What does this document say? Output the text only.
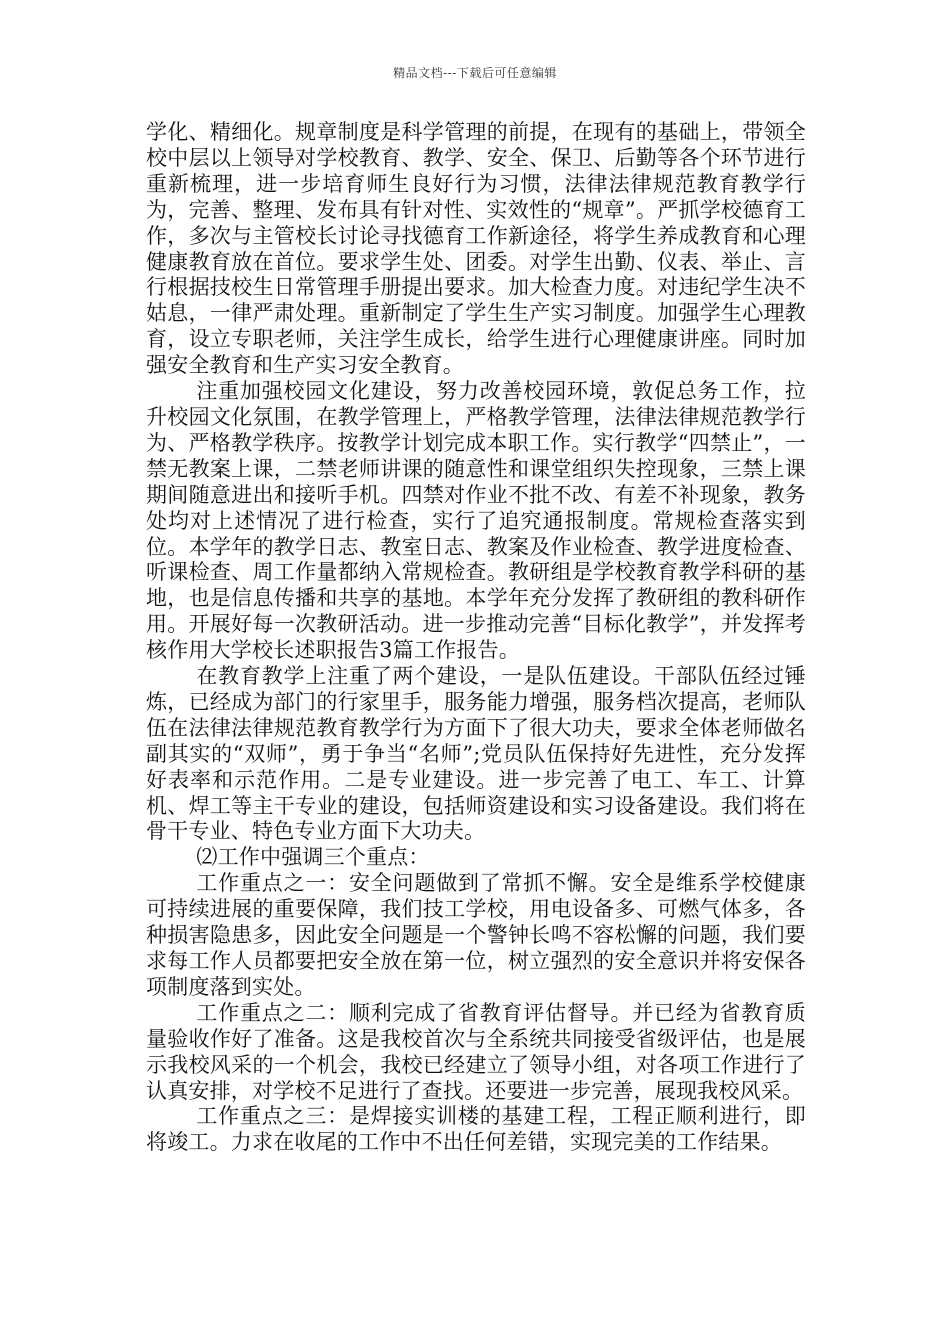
精品文档---下载后可任意编辑

学化、精细化。规章制度是科学管理的前提，在现有的基础上，带领全校中层以上领导对学校教育、教学、安全、保卫、后勤等各个环节进行重新梳理，进一步培育师生良好行为习惯，法律法律规范教育教学行为，完善、整理、发布具有针对性、实效性的“规章”。严抓学校德育工作，多次与主管校长讨论寻找德育工作新途径，将学生养成教育和心理健康教育放在首位。要求学生处、团委。对学生出勤、仪表、举止、言行根据技校生日常管理手册提出要求。加大检查力度。对违纪学生决不姑息，一律严肃处理。重新制定了学生生产实习制度。加强学生心理教育，设立专职老师，关注学生成长，给学生进行心理健康讲座。同时加强安全教育和生产实习安全教育。

注重加强校园文化建设，努力改善校园环境，敦促总务工作，拉升校园文化氛围，在教学管理上，严格教学管理，法律法律规范教学行为、严格教学秩序。按教学计划完成本职工作。实行教学“四禁止”，一禁无教案上课，二禁老师讲课的随意性和课堂组织失控现象，三禁上课期间随意进出和接听手机。四禁对作业不批不改、有差不补现象，教务处均对上述情况了进行检查，实行了追究通报制度。常规检查落实到位。本学年的教学日志、教室日志、教案及作业检查、教学进度检查、听课检查、周工作量都纳入常规检查。教研组是学校教育教学科研的基地，也是信息传播和共享的基地。本学年充分发挥了教研组的教科研作用。开展好每一次教研活动。进一步推动完善“目标化教学”，并发挥考核作用大学校长述职报告3篇工作报告。

在教育教学上注重了两个建设，一是队伍建设。干部队伍经过锤炼，已经成为部门的行家里手，服务能力增强，服务档次提高，老师队伍在法律法律规范教育教学行为方面下了很大功夫，要求全体老师做名副其实的“双师”，勇于争当“名师”;党员队伍保持好先进性，充分发挥好表率和示范作用。二是专业建设。进一步完善了电工、车工、计算机、焊工等主干专业的建设，包括师资建设和实习设备建设。我们将在骨干专业、特色专业方面下大功夫。

⑵工作中强调三个重点：

工作重点之一：安全问题做到了常抓不懈。安全是维系学校健康可持续进展的重要保障，我们技工学校，用电设备多、可燃气体多，各种损害隐患多，因此安全问题是一个警钟长鸣不容松懈的问题，我们要求每工作人员都要把安全放在第一位，树立强烈的安全意识并将安保各项制度落到实处。

工作重点之二：顺利完成了省教育评估督导。并已经为省教育质量验收作好了准备。这是我校首次与全系统共同接受省级评估，也是展示我校风采的一个机会，我校已经建立了领导小组，对各项工作进行了认真安排，对学校不足进行了查找。还要进一步完善，展现我校风采。

工作重点之三：是焊接实训楼的基建工程，工程正顺利进行，即将竣工。力求在收尾的工作中不出任何差错，实现完美的工作结果。
